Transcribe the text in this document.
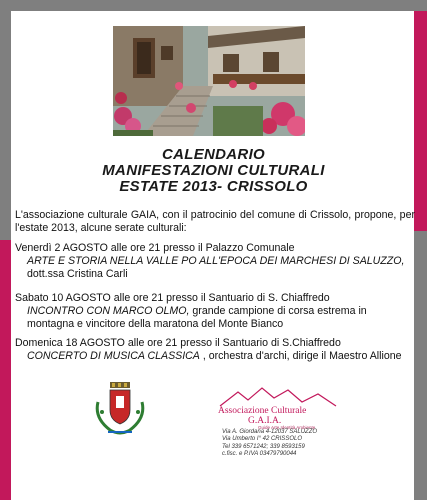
CALENDARIO
MANIFESTAZIONI CULTURALI
ESTATE 2013- CRISSOLO
L'associazione culturale GAIA, con il patrocinio del comune di Crissolo, propone, per l'estate 2013, alcune serate culturali:
Venerdì 2 AGOSTO alle ore 21 presso il Palazzo Comunale
ARTE E STORIA NELLA VALLE PO ALL'EPOCA DEI MARCHESI DI SALUZZO, dott.ssa Cristina Carli
Sabato 10 AGOSTO alle ore 21 presso il Santuario di S. Chiaffredo
INCONTRO CON MARCO OLMO, grande campione di corsa estrema in montagna e vincitore della maratona del Monte Bianco
Domenica 18 AGOSTO alle ore 21 presso il Santuario di S.Chiaffredo
CONCERTO DI MUSICA CLASSICA , orchestra d'archi, dirige il Maestro Allione
Associazione Culturale
G.A.I.A.
Guide Arte Identità Ambiente
Via A. Giordana 4-12037 SALUZZO
Via Umberto I° 42 CRISSOLO
Tel 339 6571242; 339 8593159
c.fisc. e P.IVA 03479790044
